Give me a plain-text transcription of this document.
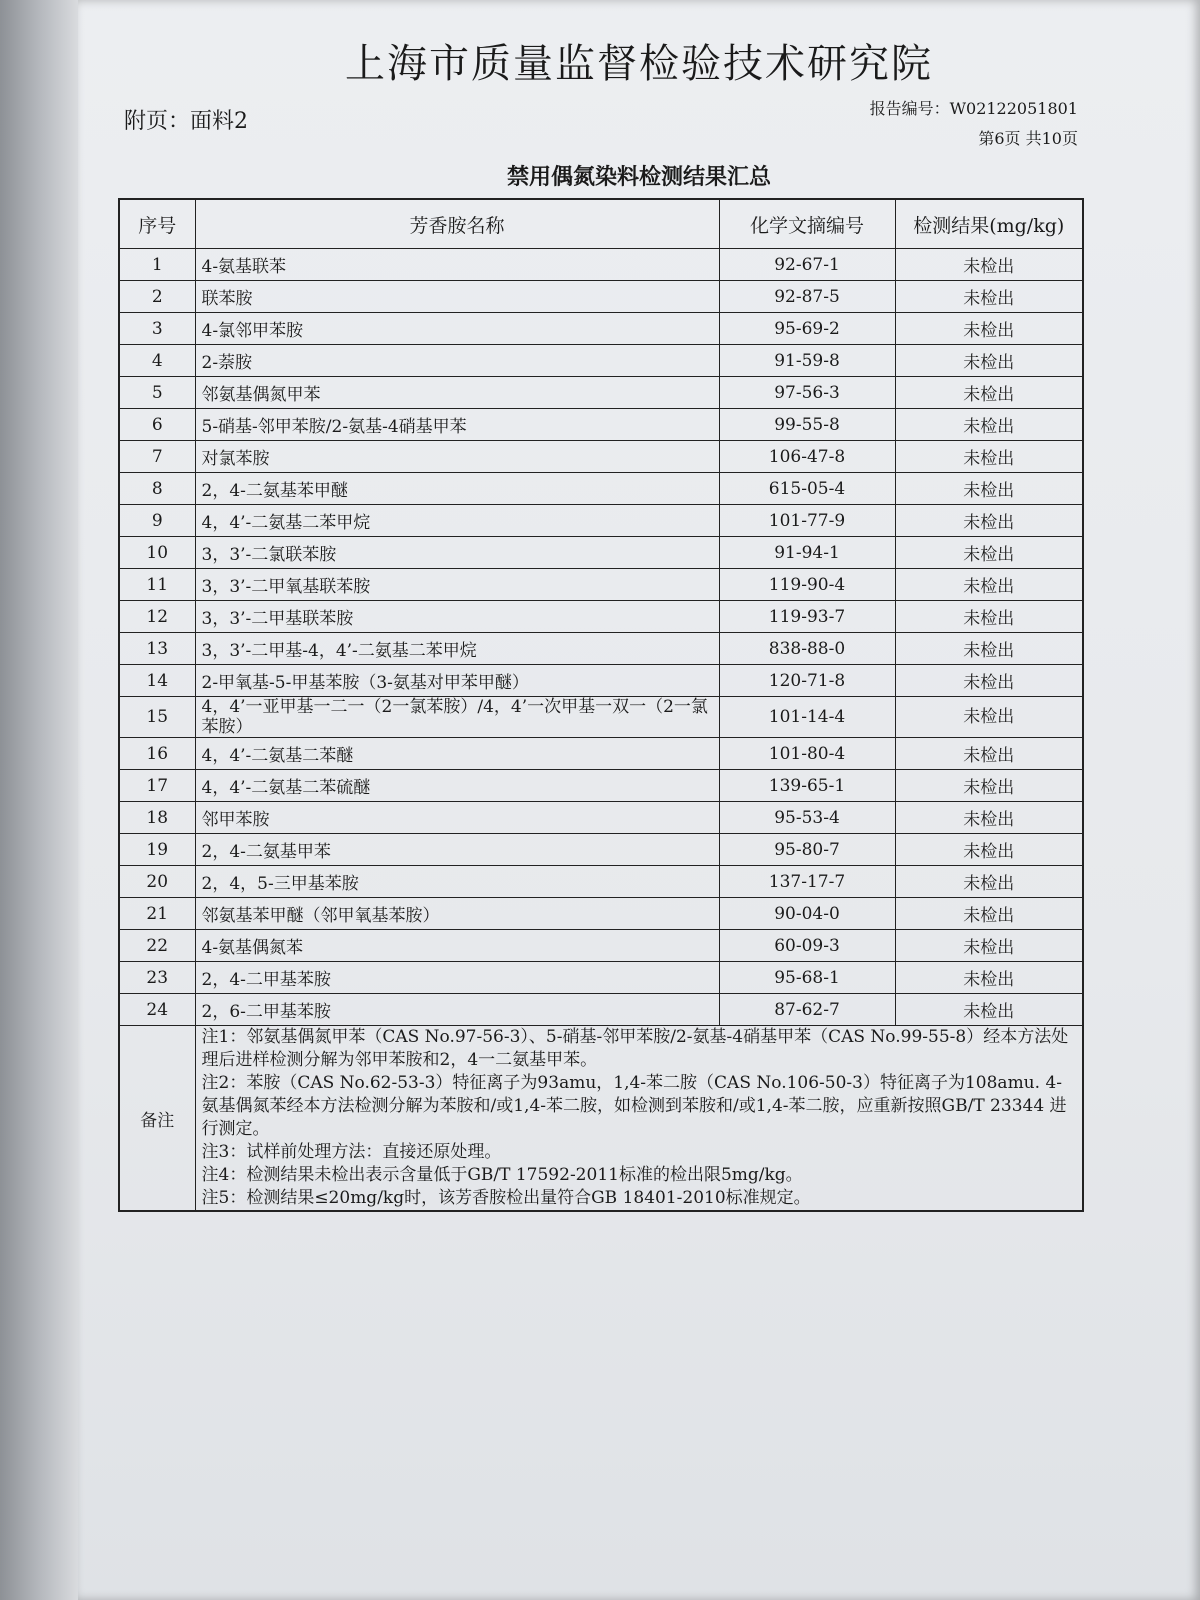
上海市质量监督检验技术研究院
附页：面料2
报告编号：W02122051801
第6页 共10页
禁用偶氮染料检测结果汇总
序号	芳香胺名称	化学文摘编号	检测结果(mg/kg)
1	4-氨基联苯	92-67-1	未检出
2	联苯胺	92-87-5	未检出
3	4-氯邻甲苯胺	95-69-2	未检出
4	2-萘胺	91-59-8	未检出
5	邻氨基偶氮甲苯	97-56-3	未检出
6	5-硝基-邻甲苯胺/2-氨基-4硝基甲苯	99-55-8	未检出
7	对氯苯胺	106-47-8	未检出
8	2，4-二氨基苯甲醚	615-05-4	未检出
9	4，4’-二氨基二苯甲烷	101-77-9	未检出
10	3，3’-二氯联苯胺	91-94-1	未检出
11	3，3’-二甲氧基联苯胺	119-90-4	未检出
12	3，3’-二甲基联苯胺	119-93-7	未检出
13	3，3’-二甲基-4，4’-二氨基二苯甲烷	838-88-0	未检出
14	2-甲氧基-5-甲基苯胺（3-氨基对甲苯甲醚）	120-71-8	未检出
15	4，4’一亚甲基一二一（2一氯苯胺）/4，4’一次甲基一双一（2一氯苯胺）	101-14-4	未检出
16	4，4’-二氨基二苯醚	101-80-4	未检出
17	4，4’-二氨基二苯硫醚	139-65-1	未检出
18	邻甲苯胺	95-53-4	未检出
19	2，4-二氨基甲苯	95-80-7	未检出
20	2，4，5-三甲基苯胺	137-17-7	未检出
21	邻氨基苯甲醚（邻甲氧基苯胺）	90-04-0	未检出
22	4-氨基偶氮苯	60-09-3	未检出
23	2，4-二甲基苯胺	95-68-1	未检出
24	2，6-二甲基苯胺	87-62-7	未检出
备注	注1：邻氨基偶氮甲苯（CAS No.97-56-3）、5-硝基-邻甲苯胺/2-氨基-4硝基甲苯（CAS No.99-55-8）经本方法处理后进样检测分解为邻甲苯胺和2，4一二氨基甲苯。
注2：苯胺（CAS No.62-53-3）特征离子为93amu，1,4-苯二胺（CAS No.106-50-3）特征离子为108amu. 4-氨基偶氮苯经本方法检测分解为苯胺和/或1,4-苯二胺，如检测到苯胺和/或1,4-苯二胺，应重新按照GB/T 23344 进行测定。
注3：试样前处理方法：直接还原处理。
注4：检测结果未检出表示含量低于GB/T 17592-2011标准的检出限5mg/kg。
注5：检测结果≤20mg/kg时，该芳香胺检出量符合GB 18401-2010标准规定。		
